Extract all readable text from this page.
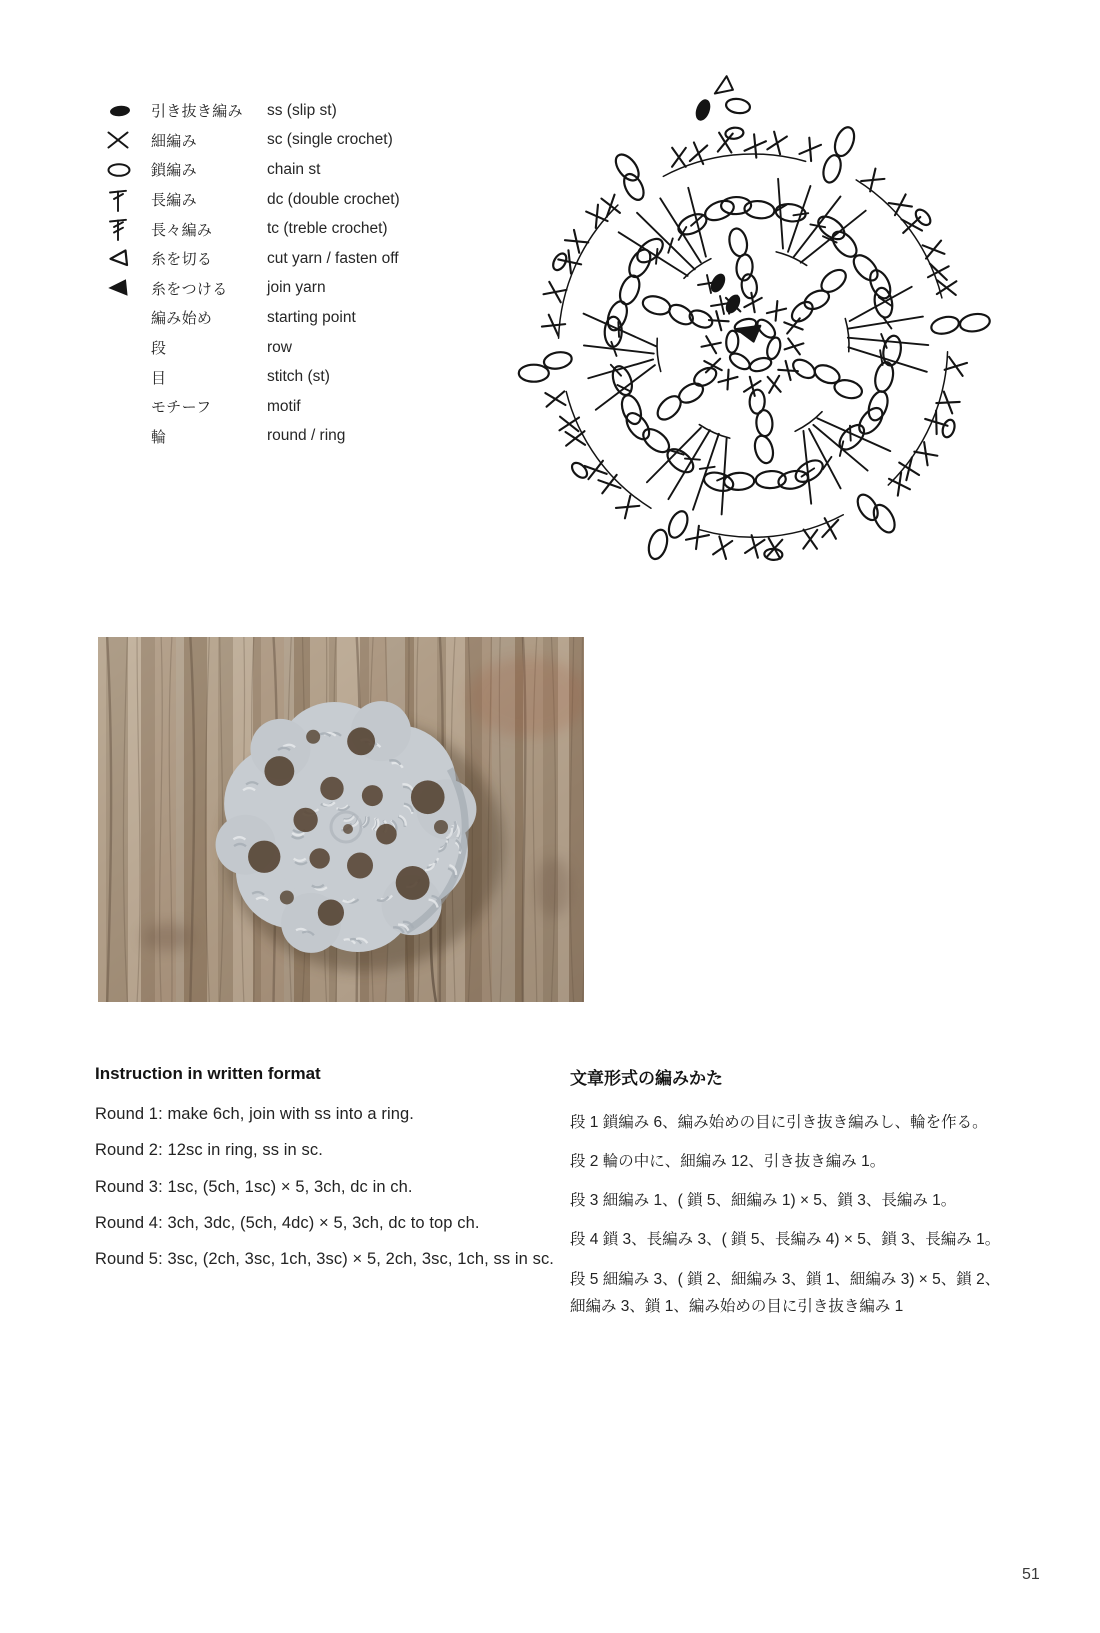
引き抜き編み	ss (slip st)
細編み	sc (single crochet)
鎖編み	chain st
長編み	dc (double crochet)
長々編み	tc (treble crochet)
糸を切る	cut yarn / fasten off
糸をつける	join yarn
編み始め	starting point
段	row
目	stitch (st)
モチーフ	motif
輪	round / ring
Instruction in written format

Round 1: make 6ch, join with ss into a ring.

Round 2: 12sc in ring, ss in sc.

Round 3: 1sc, (5ch, 1sc) × 5, 3ch, dc in ch.

Round 4: 3ch, 3dc, (5ch, 4dc) × 5, 3ch, dc to top ch.

Round 5: 3sc, (2ch, 3sc, 1ch, 3sc) × 5, 2ch, 3sc, 1ch, ss in sc.

文章形式の編みかた

段 1 鎖編み 6、編み始めの目に引き抜き編みし、輪を作る。

段 2 輪の中に、細編み 12、引き抜き編み 1。

段 3 細編み 1、( 鎖 5、細編み 1) × 5、鎖 3、長編み 1。

段 4 鎖 3、長編み 3、( 鎖 5、長編み 4) × 5、鎖 3、長編み 1。

段 5 細編み 3、( 鎖 2、細編み 3、鎖 1、細編み 3) × 5、鎖 2、細編み 3、鎖 1、編み始めの目に引き抜き編み 1

51
